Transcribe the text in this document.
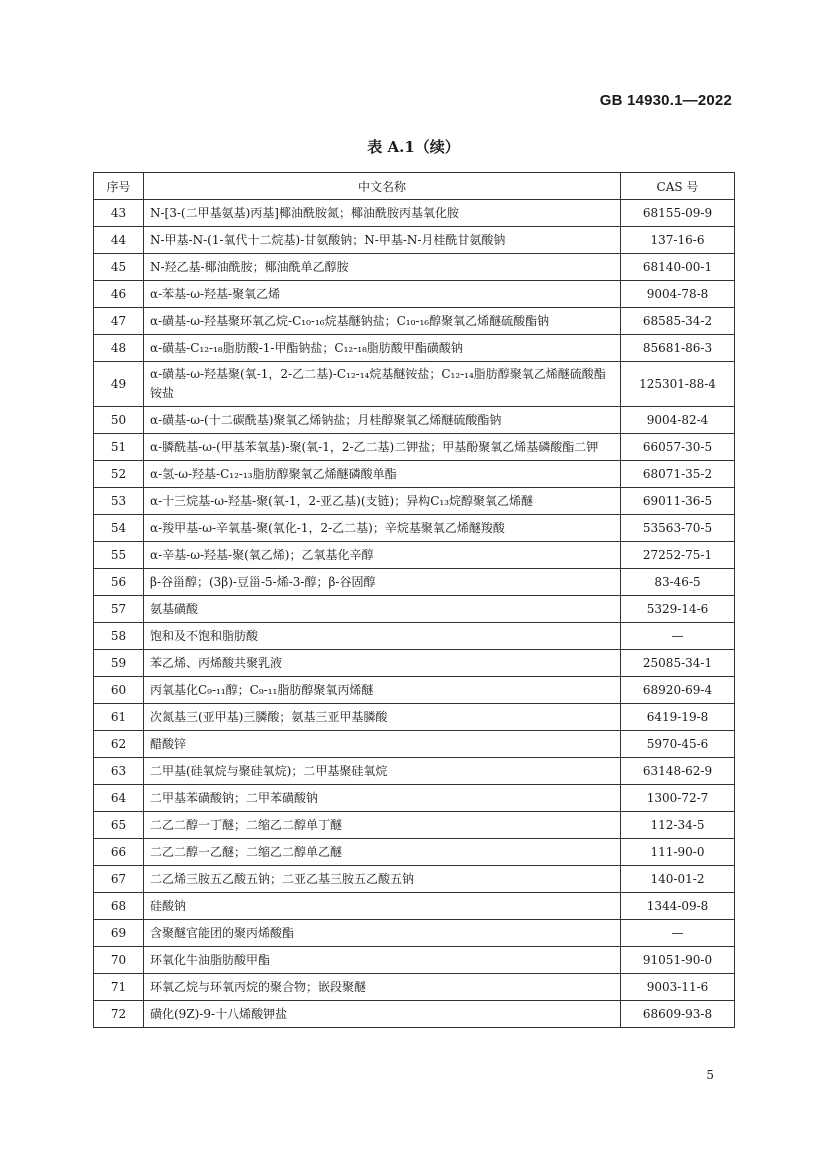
GB 14930.1—2022
表 A.1（续）
序号	中文名称	CAS 号
43	N-[3-(二甲基氨基)丙基]椰油酰胺氮；椰油酰胺丙基氧化胺	68155-09-9
44	N-甲基-N-(1-氧代十二烷基)-甘氨酸钠；N-甲基-N-月桂酰甘氨酸钠	137-16-6
45	N-羟乙基-椰油酰胺；椰油酰单乙醇胺	68140-00-1
46	α-苯基-ω-羟基-聚氧乙烯	9004-78-8
47	α-磺基-ω-羟基聚环氧乙烷-C₁₀-₁₆烷基醚钠盐；C₁₀-₁₆醇聚氧乙烯醚硫酸酯钠	68585-34-2
48	α-磺基-C₁₂-₁₈脂肪酸-1-甲酯钠盐；C₁₂-₁₈脂肪酸甲酯磺酸钠	85681-86-3
49	α-磺基-ω-羟基聚(氧-1，2-乙二基)-C₁₂-₁₄烷基醚铵盐；C₁₂-₁₄脂肪醇聚氧乙烯醚硫酸酯铵盐	125301-88-4
50	α-磺基-ω-(十二碳酰基)聚氧乙烯钠盐；月桂醇聚氧乙烯醚硫酸酯钠	9004-82-4
51	α-膦酰基-ω-(甲基苯氧基)-聚(氧-1，2-乙二基)二钾盐；甲基酚聚氧乙烯基磷酸酯二钾	66057-30-5
52	α-氢-ω-羟基-C₁₂-₁₃脂肪醇聚氧乙烯醚磷酸单酯	68071-35-2
53	α-十三烷基-ω-羟基-聚(氧-1，2-亚乙基)(支链)；异构C₁₃烷醇聚氧乙烯醚	69011-36-5
54	α-羧甲基-ω-辛氧基-聚(氧化-1，2-乙二基)；辛烷基聚氧乙烯醚羧酸	53563-70-5
55	α-辛基-ω-羟基-聚(氧乙烯)；乙氧基化辛醇	27252-75-1
56	β-谷甾醇；(3β)-豆甾-5-烯-3-醇；β-谷固醇	83-46-5
57	氨基磺酸	5329-14-6
58	饱和及不饱和脂肪酸	—
59	苯乙烯、丙烯酸共聚乳液	25085-34-1
60	丙氧基化C₉-₁₁醇；C₉-₁₁脂肪醇聚氧丙烯醚	68920-69-4
61	次氮基三(亚甲基)三膦酸；氨基三亚甲基膦酸	6419-19-8
62	醋酸锌	5970-45-6
63	二甲基(硅氧烷与聚硅氧烷)；二甲基聚硅氧烷	63148-62-9
64	二甲基苯磺酸钠；二甲苯磺酸钠	1300-72-7
65	二乙二醇一丁醚；二缩乙二醇单丁醚	112-34-5
66	二乙二醇一乙醚；二缩乙二醇单乙醚	111-90-0
67	二乙烯三胺五乙酸五钠；二亚乙基三胺五乙酸五钠	140-01-2
68	硅酸钠	1344-09-8
69	含聚醚官能团的聚丙烯酸酯	—
70	环氧化牛油脂肪酸甲酯	91051-90-0
71	环氧乙烷与环氧丙烷的聚合物；嵌段聚醚	9003-11-6
72	磺化(9Z)-9-十八烯酸钾盐	68609-93-8
5
